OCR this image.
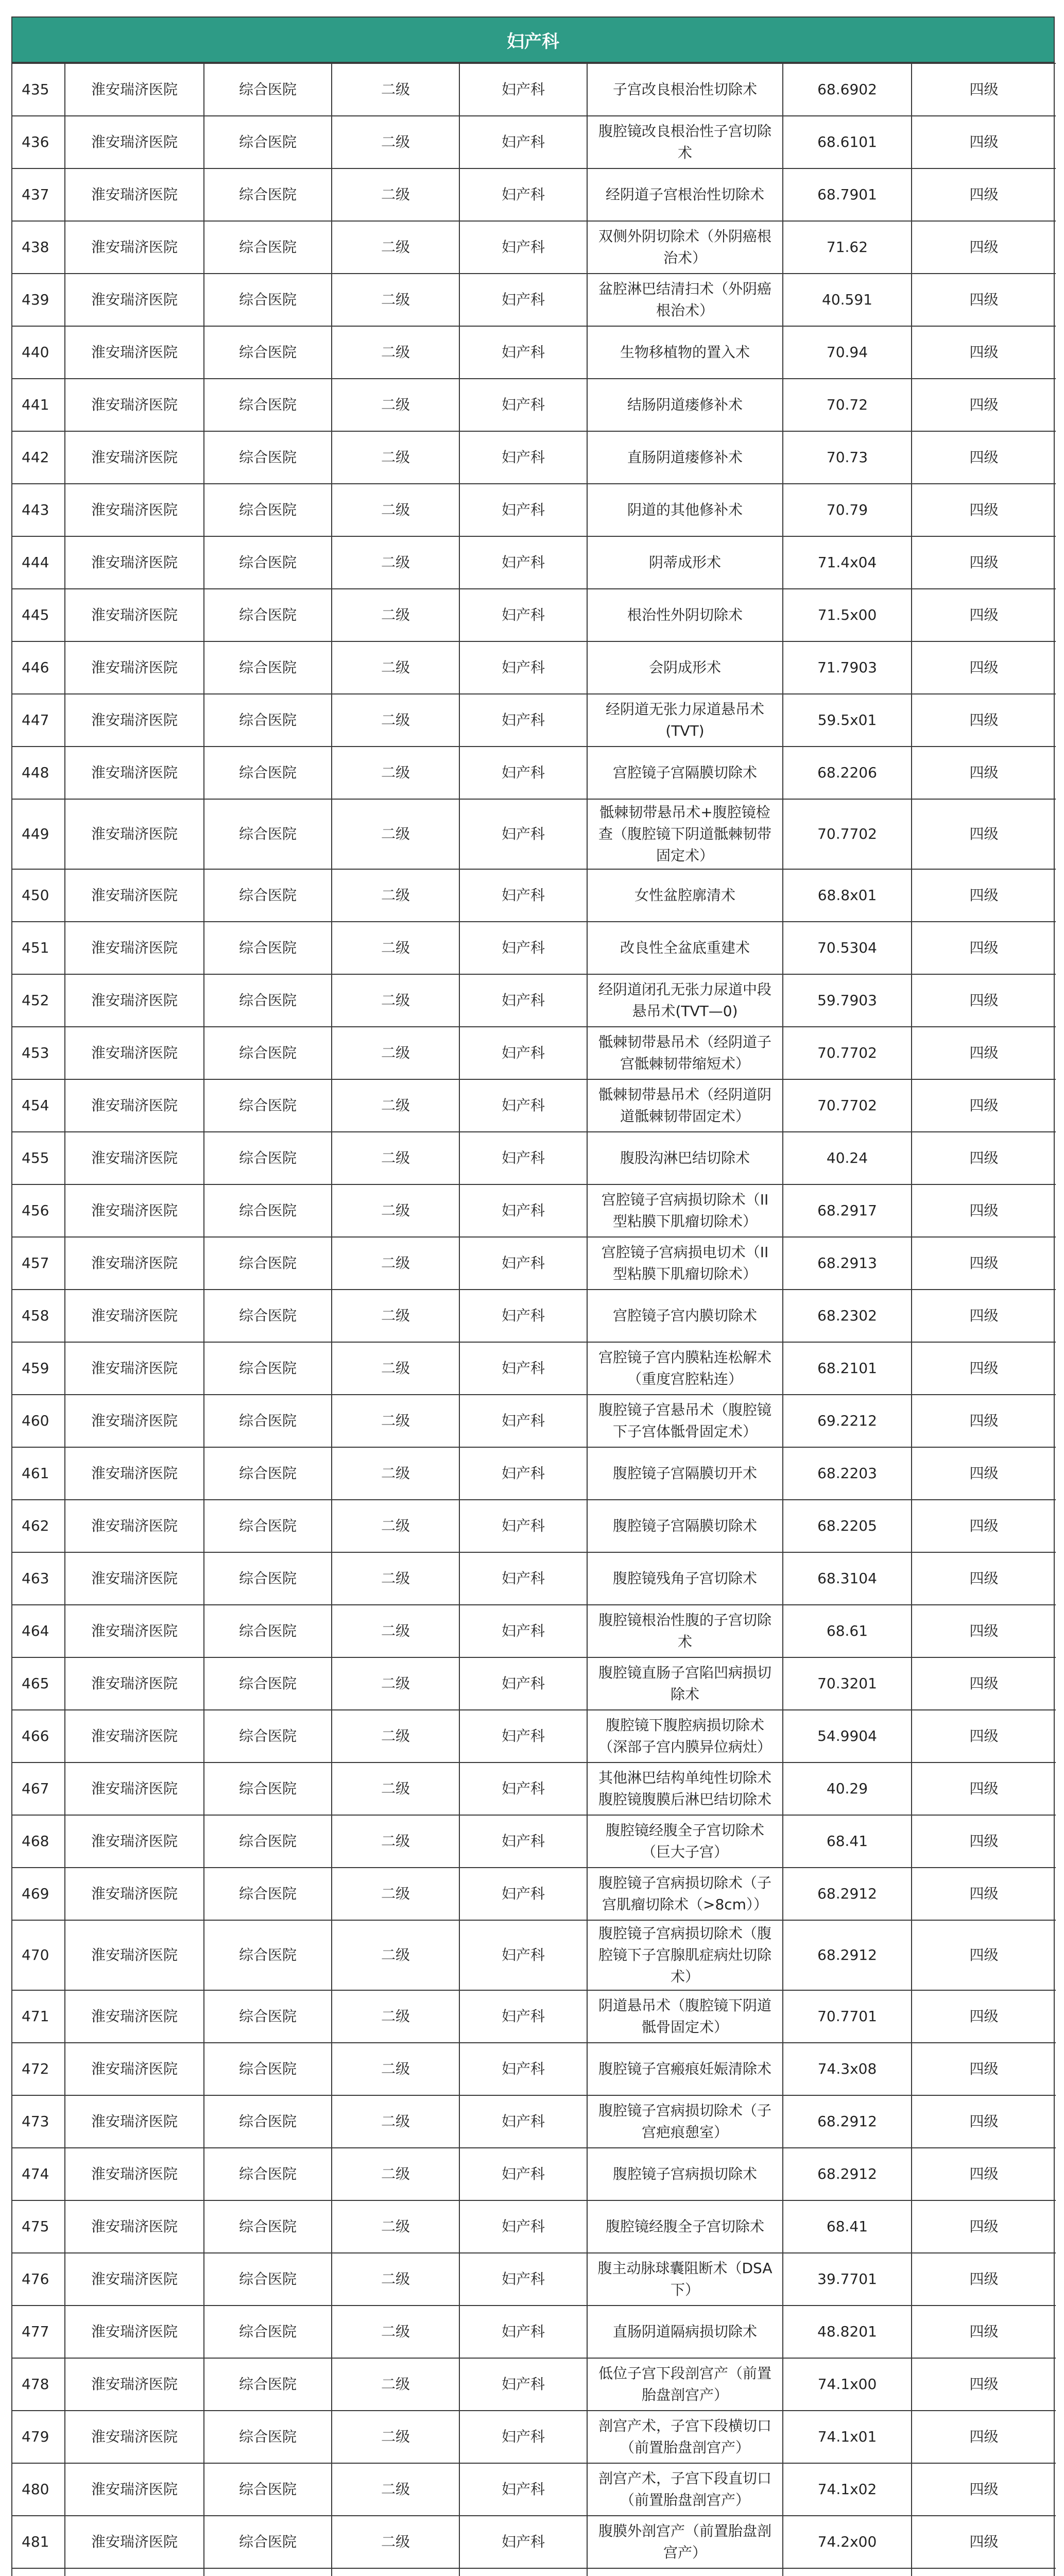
妇产科
435	淮安瑞济医院	综合医院	二级	妇产科	子宫改良根治性切除术	68.6902	四级
436	淮安瑞济医院	综合医院	二级	妇产科	腹腔镜改良根治性子宫切除术	68.6101	四级
437	淮安瑞济医院	综合医院	二级	妇产科	经阴道子宫根治性切除术	68.7901	四级
438	淮安瑞济医院	综合医院	二级	妇产科	双侧外阴切除术（外阴癌根治术）	71.62	四级
439	淮安瑞济医院	综合医院	二级	妇产科	盆腔淋巴结清扫术（外阴癌根治术）	40.591	四级
440	淮安瑞济医院	综合医院	二级	妇产科	生物移植物的置入术	70.94	四级
441	淮安瑞济医院	综合医院	二级	妇产科	结肠阴道瘘修补术	70.72	四级
442	淮安瑞济医院	综合医院	二级	妇产科	直肠阴道瘘修补术	70.73	四级
443	淮安瑞济医院	综合医院	二级	妇产科	阴道的其他修补术	70.79	四级
444	淮安瑞济医院	综合医院	二级	妇产科	阴蒂成形术	71.4x04	四级
445	淮安瑞济医院	综合医院	二级	妇产科	根治性外阴切除术	71.5x00	四级
446	淮安瑞济医院	综合医院	二级	妇产科	会阴成形术	71.7903	四级
447	淮安瑞济医院	综合医院	二级	妇产科	经阴道无张力尿道悬吊术(TVT)	59.5x01	四级
448	淮安瑞济医院	综合医院	二级	妇产科	宫腔镜子宫隔膜切除术	68.2206	四级
449	淮安瑞济医院	综合医院	二级	妇产科	骶棘韧带悬吊术+腹腔镜检查（腹腔镜下阴道骶棘韧带固定术）	70.7702	四级
450	淮安瑞济医院	综合医院	二级	妇产科	女性盆腔廓清术	68.8x01	四级
451	淮安瑞济医院	综合医院	二级	妇产科	改良性全盆底重建术	70.5304	四级
452	淮安瑞济医院	综合医院	二级	妇产科	经阴道闭孔无张力尿道中段悬吊术(TVT—0)	59.7903	四级
453	淮安瑞济医院	综合医院	二级	妇产科	骶棘韧带悬吊术（经阴道子宫骶棘韧带缩短术）	70.7702	四级
454	淮安瑞济医院	综合医院	二级	妇产科	骶棘韧带悬吊术（经阴道阴道骶棘韧带固定术）	70.7702	四级
455	淮安瑞济医院	综合医院	二级	妇产科	腹股沟淋巴结切除术	40.24	四级
456	淮安瑞济医院	综合医院	二级	妇产科	宫腔镜子宫病损切除术（II型粘膜下肌瘤切除术）	68.2917	四级
457	淮安瑞济医院	综合医院	二级	妇产科	宫腔镜子宫病损电切术（II型粘膜下肌瘤切除术）	68.2913	四级
458	淮安瑞济医院	综合医院	二级	妇产科	宫腔镜子宫内膜切除术	68.2302	四级
459	淮安瑞济医院	综合医院	二级	妇产科	宫腔镜子宫内膜粘连松解术（重度宫腔粘连）	68.2101	四级
460	淮安瑞济医院	综合医院	二级	妇产科	腹腔镜子宫悬吊术（腹腔镜下子宫体骶骨固定术）	69.2212	四级
461	淮安瑞济医院	综合医院	二级	妇产科	腹腔镜子宫隔膜切开术	68.2203	四级
462	淮安瑞济医院	综合医院	二级	妇产科	腹腔镜子宫隔膜切除术	68.2205	四级
463	淮安瑞济医院	综合医院	二级	妇产科	腹腔镜残角子宫切除术	68.3104	四级
464	淮安瑞济医院	综合医院	二级	妇产科	腹腔镜根治性腹的子宫切除术	68.61	四级
465	淮安瑞济医院	综合医院	二级	妇产科	腹腔镜直肠子宫陷凹病损切除术	70.3201	四级
466	淮安瑞济医院	综合医院	二级	妇产科	腹腔镜下腹腔病损切除术（深部子宫内膜异位病灶）	54.9904	四级
467	淮安瑞济医院	综合医院	二级	妇产科	其他淋巴结构单纯性切除术腹腔镜腹膜后淋巴结切除术	40.29	四级
468	淮安瑞济医院	综合医院	二级	妇产科	腹腔镜经腹全子宫切除术（巨大子宫）	68.41	四级
469	淮安瑞济医院	综合医院	二级	妇产科	腹腔镜子宫病损切除术（子宫肌瘤切除术（>8cm））	68.2912	四级
470	淮安瑞济医院	综合医院	二级	妇产科	腹腔镜子宫病损切除术（腹腔镜下子宫腺肌症病灶切除术）	68.2912	四级
471	淮安瑞济医院	综合医院	二级	妇产科	阴道悬吊术（腹腔镜下阴道骶骨固定术）	70.7701	四级
472	淮安瑞济医院	综合医院	二级	妇产科	腹腔镜子宫瘢痕妊娠清除术	74.3x08	四级
473	淮安瑞济医院	综合医院	二级	妇产科	腹腔镜子宫病损切除术（子宫疤痕憩室）	68.2912	四级
474	淮安瑞济医院	综合医院	二级	妇产科	腹腔镜子宫病损切除术	68.2912	四级
475	淮安瑞济医院	综合医院	二级	妇产科	腹腔镜经腹全子宫切除术	68.41	四级
476	淮安瑞济医院	综合医院	二级	妇产科	腹主动脉球囊阻断术（DSA下）	39.7701	四级
477	淮安瑞济医院	综合医院	二级	妇产科	直肠阴道隔病损切除术	48.8201	四级
478	淮安瑞济医院	综合医院	二级	妇产科	低位子宫下段剖宫产（前置胎盘剖宫产）	74.1x00	四级
479	淮安瑞济医院	综合医院	二级	妇产科	剖宫产术，子宫下段横切口（前置胎盘剖宫产）	74.1x01	四级
480	淮安瑞济医院	综合医院	二级	妇产科	剖宫产术，子宫下段直切口（前置胎盘剖宫产）	74.1x02	四级
481	淮安瑞济医院	综合医院	二级	妇产科	腹膜外剖宫产（前置胎盘剖宫产）	74.2x00	四级
